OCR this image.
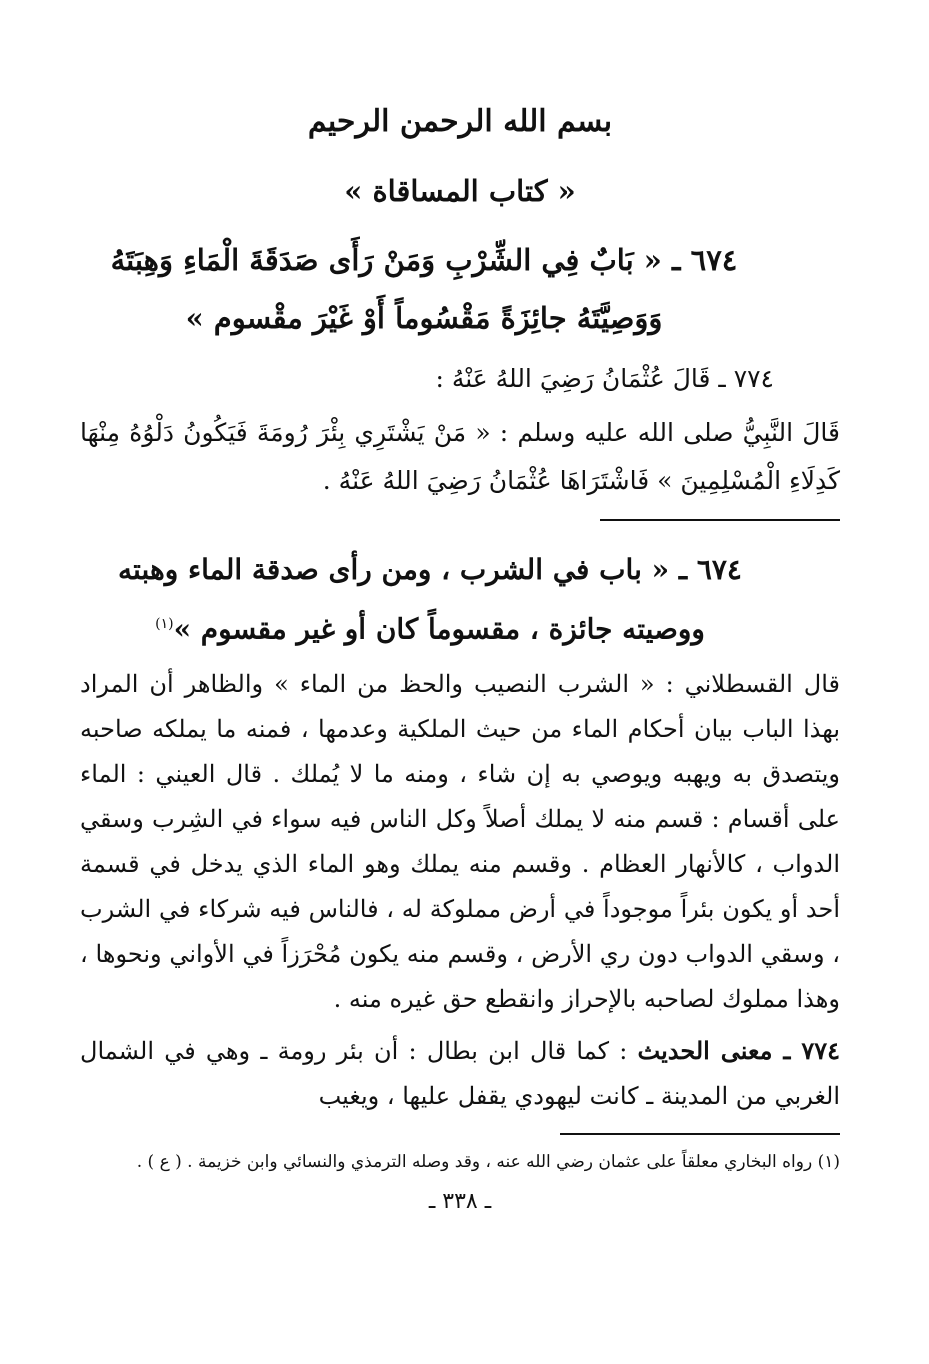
بسم الله الرحمن الرحيم
« كتاب المساقاة »
٦٧٤ ـ « بَابٌ فِي الشِّرْبِ وَمَنْ رَأَى صَدَقَةَ الْمَاءِ وَهِبَتَهُ وَوَصِيَّتَهُ جائِزَةً مَقْسُوماً أَوْ غَيْرَ مقْسوم »
٧٧٤ ـ قَالَ عُثْمَانُ رَضِيَ اللهُ عَنْهُ :
قَالَ النَّبِيُّ صلى الله عليه وسلم : « مَنْ يَشْتَرِي بِئْرَ رُومَةَ فَيَكُونُ دَلْوُهُ مِنْهَا كَدِلَاءِ الْمُسْلِمِينَ » فَاشْتَرَاهَا عُثْمَانُ رَضِيَ اللهُ عَنْهُ .
٦٧٤ ـ « باب في الشرب ، ومن رأى صدقة الماء وهبته ووصيته جائزة ، مقسوماً كان أو غير مقسوم »$^{(١)}$
قال القسطلاني : « الشرب النصيب والحظ من الماء » والظاهر أن المراد بهذا الباب بيان أحكام الماء من حيث الملكية وعدمها ، فمنه ما يملكه صاحبه ويتصدق به ويهبه ويوصي به إن شاء ، ومنه ما لا يُملك . قال العيني : الماء على أقسام : قسم منه لا يملك أصلاً وكل الناس فيه سواء في الشِرب وسقي الدواب ، كالأنهار العظام . وقسم منه يملك وهو الماء الذي يدخل في قسمة أحد أو يكون بئراً موجوداً في أرض مملوكة له ، فالناس فيه شركاء في الشرب ، وسقي الدواب دون ري الأرض ، وقسم منه يكون مُحْرَزاً في الأواني ونحوها ، وهذا مملوك لصاحبه بالإحراز وانقطع حق غيره منه .
٧٧٤ ـ معنى الحديث : كما قال ابن بطال : أن بئر رومة ـ وهي في الشمال الغربي من المدينة ـ كانت ليهودي يقفل عليها ، ويغيب
(١) رواه البخاري معلقاً على عثمان رضي الله عنه ، وقد وصله الترمذي والنسائي وابن خزيمة . ( ع ) .
ـ ٣٣٨ ـ
